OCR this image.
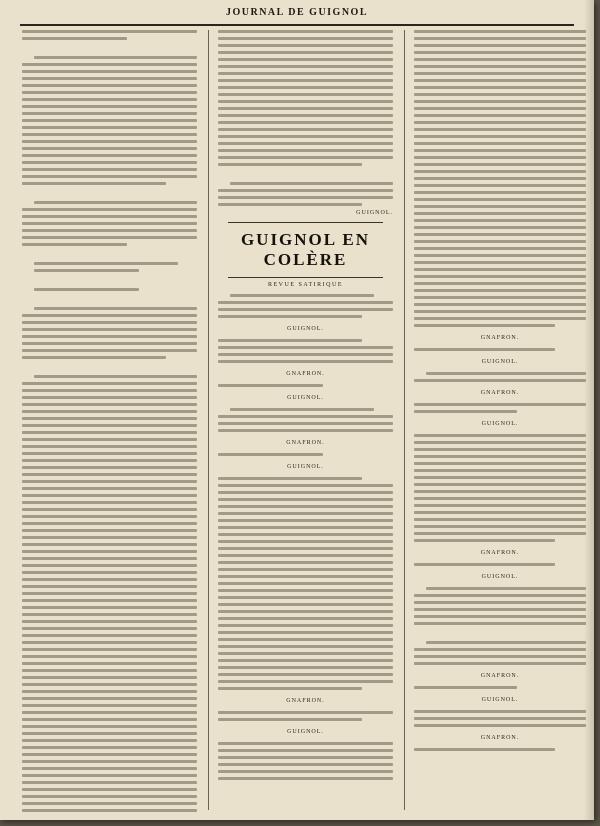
JOURNAL DE GUIGNOL
GUIGNOL.
GUIGNOL EN COLÈRE
REVUE SATIRIQUE
GUIGNOL.
GNAFRON.
GUIGNOL.
GNAFRON.
GUIGNOL.
GNAFRON.
GUIGNOL.
GNAFRON.
GUIGNOL.
GNAFRON.
GUIGNOL.
GNAFRON.
GUIGNOL.
GNAFRON.
GUIGNOL.
GNAFRON.
